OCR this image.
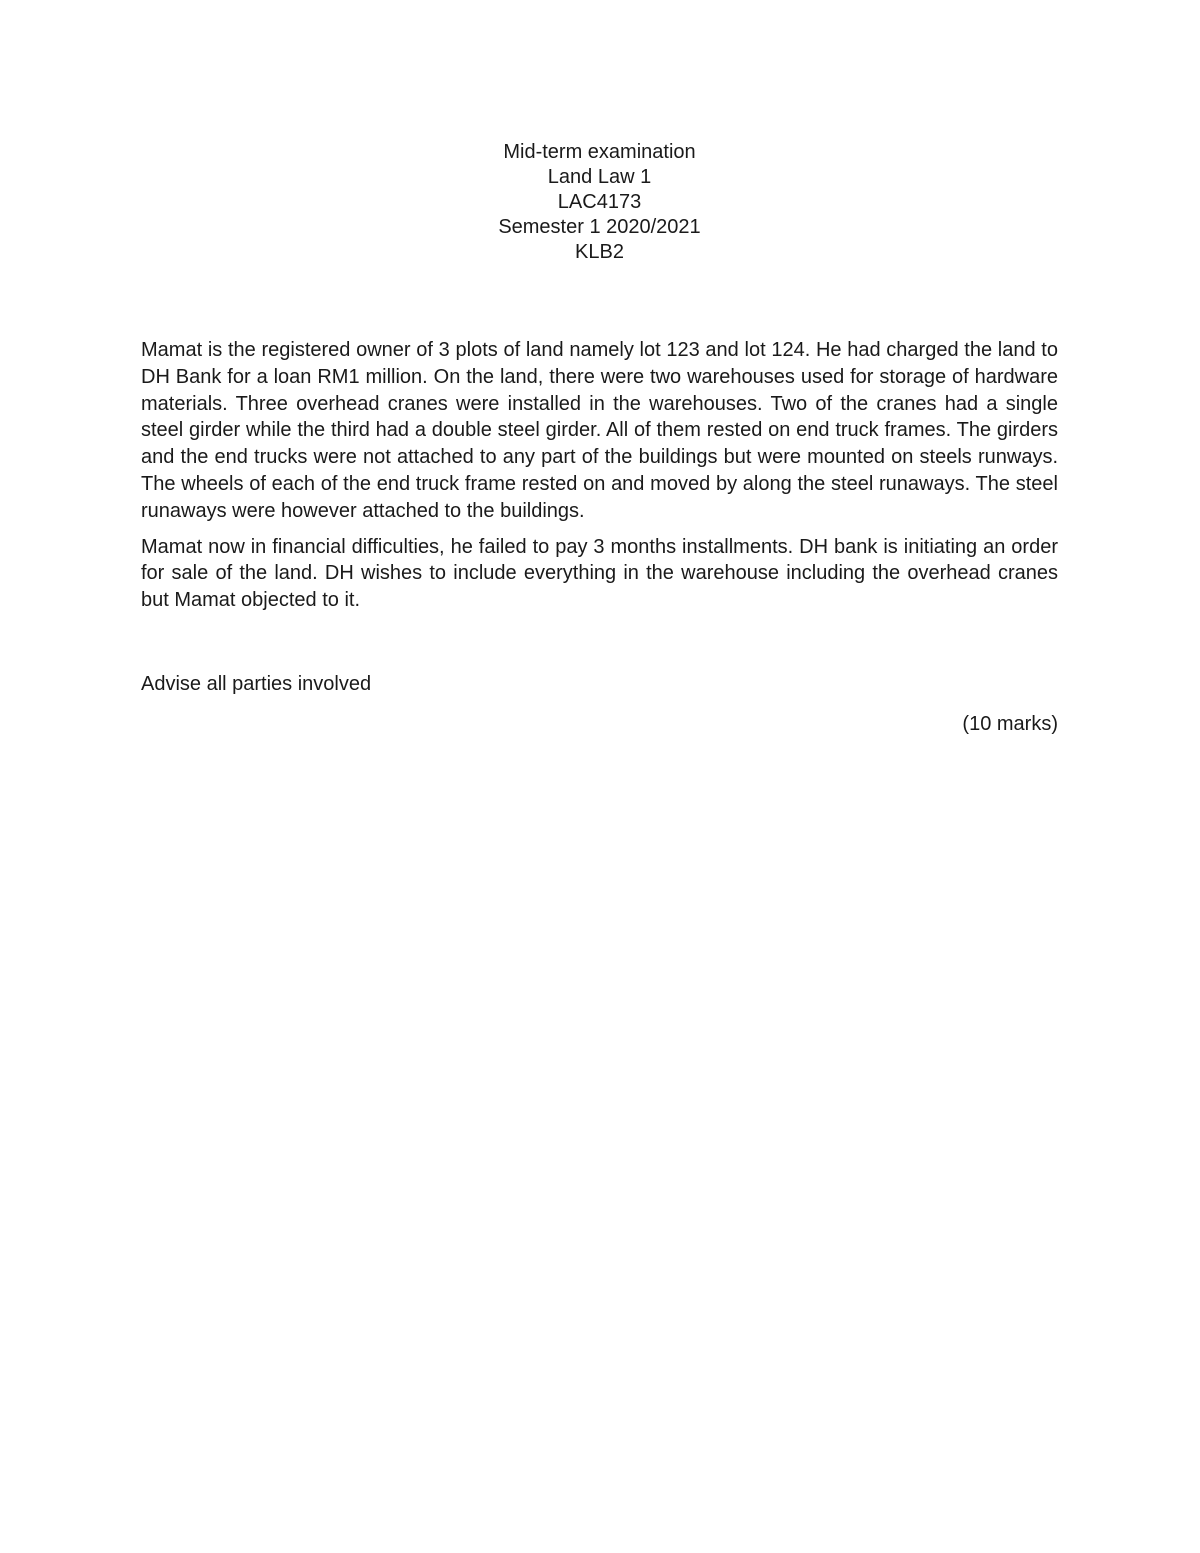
Mid-term examination
Land Law 1
LAC4173
Semester 1 2020/2021
KLB2

Mamat is the registered owner of 3 plots of land namely lot 123 and lot 124. He had charged the land to DH Bank for a loan RM1 million. On the land, there were two warehouses used for storage of hardware materials. Three overhead cranes were installed in the warehouses. Two of the cranes had a single steel girder while the third had a double steel girder. All of them rested on end truck frames. The girders and the end trucks were not attached to any part of the buildings but were mounted on steels runways. The wheels of each of the end truck frame rested on and moved by along the steel runaways. The steel runaways were however attached to the buildings.

Mamat now in financial difficulties, he failed to pay 3 months installments. DH bank is initiating an order for sale of the land. DH wishes to include everything in the warehouse including the overhead cranes but Mamat objected to it.

Advise all parties involved
(10 marks)
